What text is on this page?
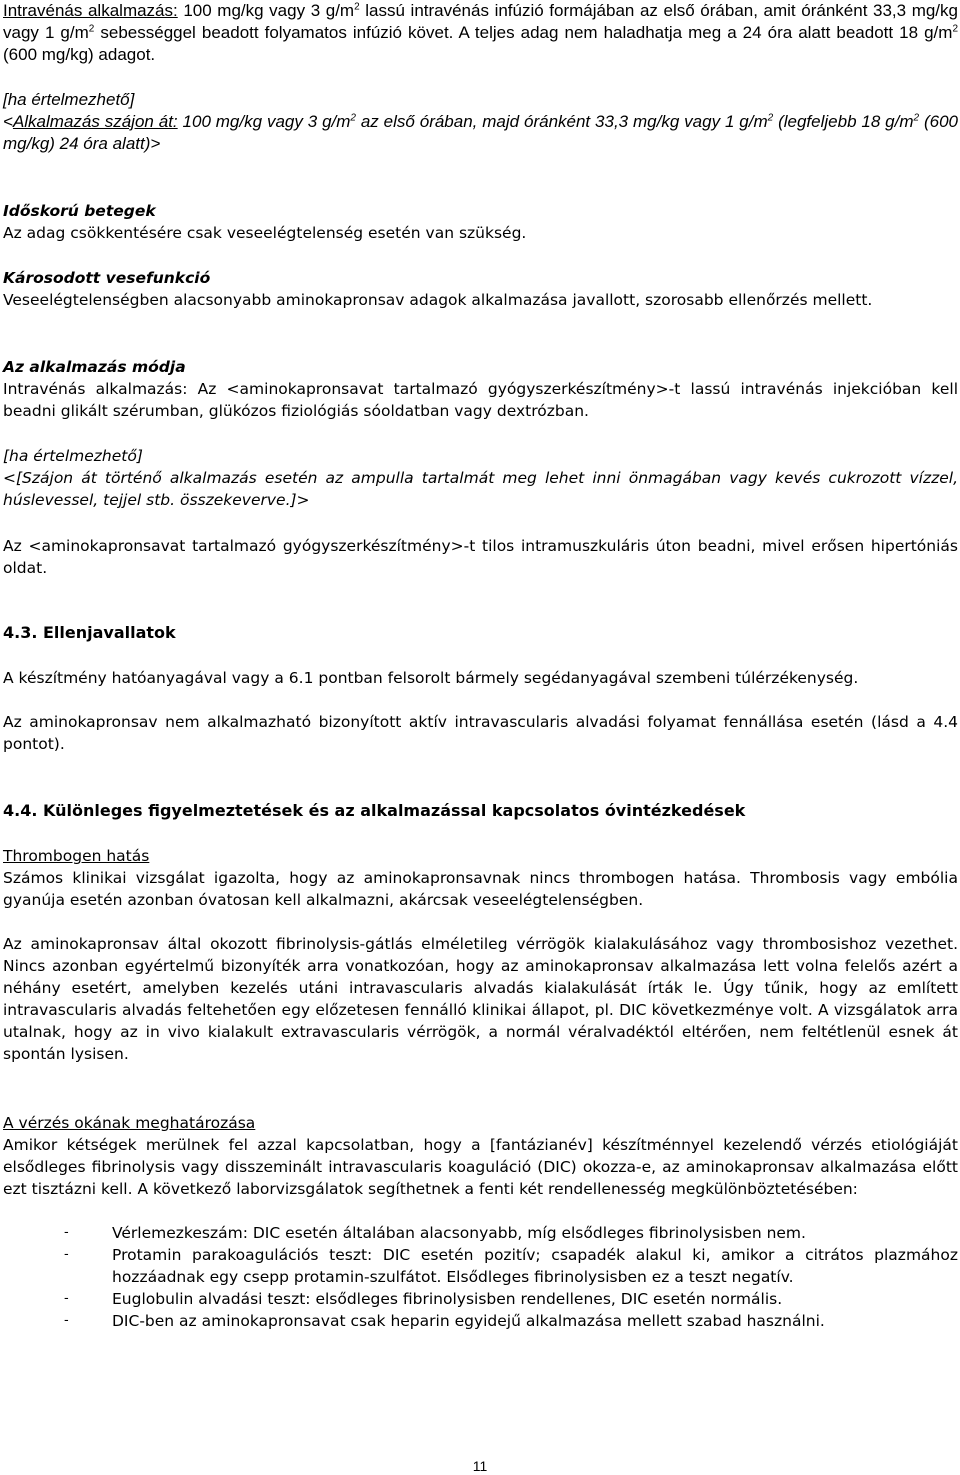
Intravénás alkalmazás: 100 mg/kg vagy 3 $g/m^2$ lassú intravénás infúzió formájában az első órában, amit óránként 33,3 mg/kg vagy 1 $g/m^2$ sebességgel beadott folyamatos infúzió követ. A teljes adag nem haladhatja meg a 24 óra alatt beadott 18 $g/m^2$ (600 mg/kg) adagot.
[ha értelmezhető]
<Alkalmazás szájon át: 100 mg/kg vagy 3 $g/m^2$ az első órában, majd óránként 33,3 mg/kg vagy 1 $g/m^2$ (legfeljebb 18 $g/m^2$ (600 mg/kg) 24 óra alatt)>
Időskorú betegek
Az adag csökkentésére csak veseelégtelenség esetén van szükség.
Károsodott vesefunkció
Veseelégtelenségben alacsonyabb aminokapronsav adagok alkalmazása javallott, szorosabb ellenőrzés mellett.
Az alkalmazás módja
Intravénás alkalmazás: Az <aminokapronsavat tartalmazó gyógyszerkészítmény>-t lassú intravénás injekcióban kell beadni glikált szérumban, glükózos fiziológiás sóoldatban vagy dextrózban.
[ha értelmezhető]
<[Szájon át történő alkalmazás esetén az ampulla tartalmát meg lehet inni önmagában vagy kevés cukrozott vízzel, húslevessel, tejjel stb. összekeverve.]>
Az <aminokapronsavat tartalmazó gyógyszerkészítmény>-t tilos intramuszkuláris úton beadni, mivel erősen hipertóniás oldat.
4.3. Ellenjavallatok
A készítmény hatóanyagával vagy a 6.1 pontban felsorolt bármely segédanyagával szembeni túlérzékenység.
Az aminokapronsav nem alkalmazható bizonyított aktív intravascularis alvadási folyamat fennállása esetén (lásd a 4.4 pontot).
4.4. Különleges figyelmeztetések és az alkalmazással kapcsolatos óvintézkedések
Thrombogen hatás
Számos klinikai vizsgálat igazolta, hogy az aminokapronsavnak nincs thrombogen hatása. Thrombosis vagy embólia gyanújа esetén azonban óvatosan kell alkalmazni, akárcsak veseelégtelenségben.
Az aminokapronsav által okozott fibrinolysis-gátlás elméletileg vérrögök kialakulásához vagy thrombosishoz vezethet. Nincs azonban egyértelmű bizonyíték arra vonatkozóan, hogy az aminokapronsav alkalmazása lett volna felelős azért a néhány esetért, amelyben kezelés utáni intravascularis alvadás kialakulását írták le. Úgy tűnik, hogy az említett intravascularis alvadás feltehetően egy előzetesen fennálló klinikai állapot, pl. DIC következménye volt. A vizsgálatok arra utalnak, hogy az in vivo kialakult extravascularis vérrögök, a normál véralvadéktól eltérően, nem feltétlenül esnek át spontán lysisen.
A vérzés okának meghatározása
Amikor kétségek merülnek fel azzal kapcsolatban, hogy a [fantázianév] készítménnyel kezelendő vérzés etiológiáját elsődleges fibrinolysis vagy disszeminált intravascularis koaguláció (DIC) okozza-e, az aminokapronsav alkalmazása előtt ezt tisztázni kell. A következő laborvizsgálatok segíthetnek a fenti két rendellenesség megkülönböztetésében:
-	Vérlemezkeszám: DIC esetén általában alacsonyabb, míg elsődleges fibrinolysisben nem.
-	Protamin parakoagulációs teszt: DIC esetén pozitív; csapadék alakul ki, amikor a citrátos plazmához hozzáadnak egy csepp protamin-szulfátot. Elsődleges fibrinolysisben ez a teszt negatív.
-	Euglobulin alvadási teszt: elsődleges fibrinolysisben rendellenes, DIC esetén normális.
-	DIC-ben az aminokapronsavat csak heparin egyidejű alkalmazása mellett szabad használni.
11
